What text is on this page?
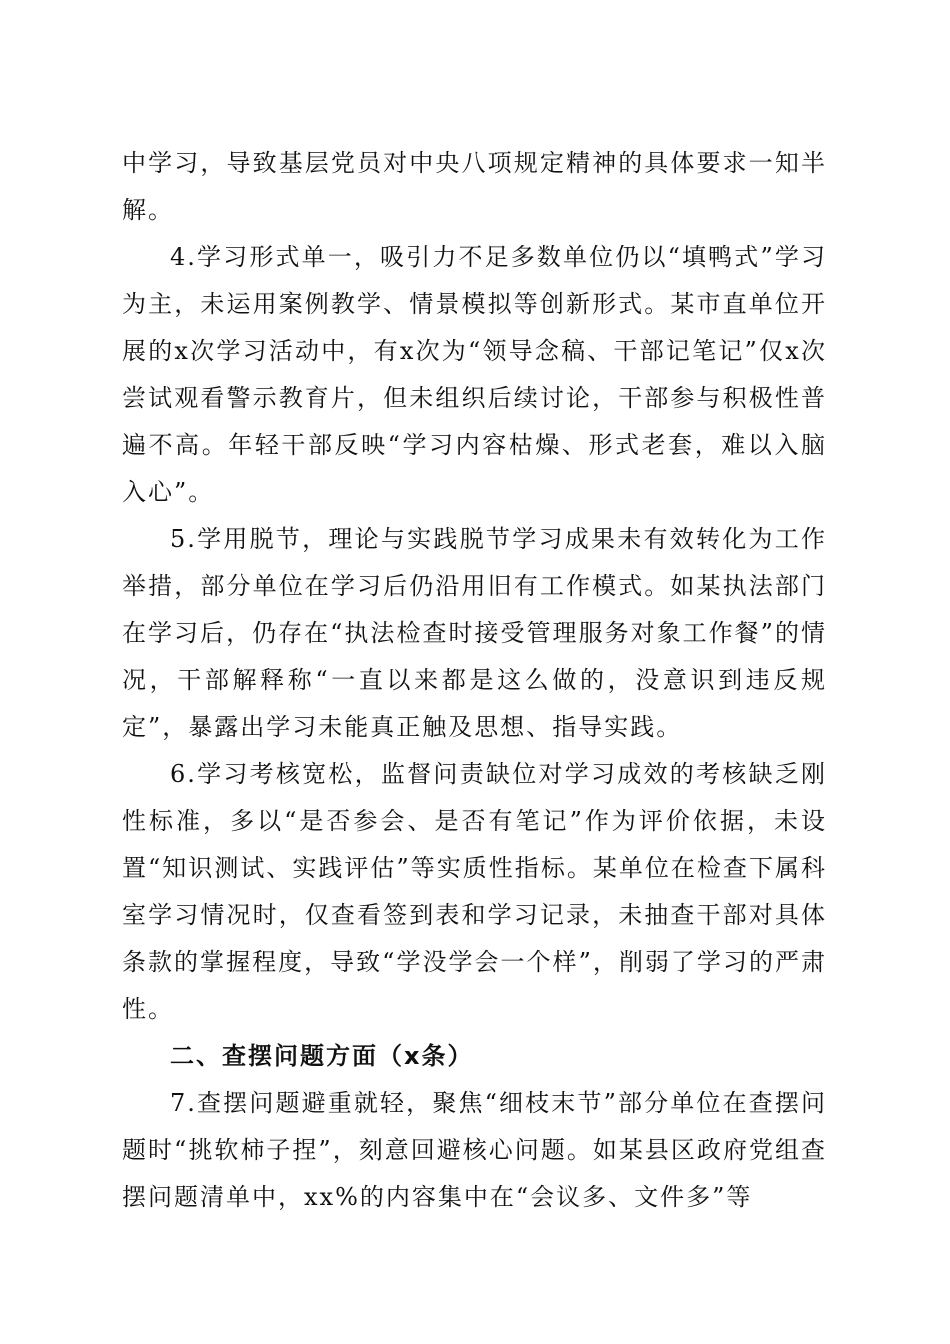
中学习，导致基层党员对中央八项规定精神的具体要求一知半解。

4.学习形式单一，吸引力不足多数单位仍以“填鸭式”学习为主，未运用案例教学、情景模拟等创新形式。某市直单位开展的x次学习活动中，有x次为“领导念稿、干部记笔记”仅x次尝试观看警示教育片，但未组织后续讨论，干部参与积极性普遍不高。年轻干部反映“学习内容枯燥、形式老套，难以入脑入心”。

5.学用脱节，理论与实践脱节学习成果未有效转化为工作举措，部分单位在学习后仍沿用旧有工作模式。如某执法部门在学习后，仍存在“执法检查时接受管理服务对象工作餐”的情况，干部解释称“一直以来都是这么做的，没意识到违反规定”，暴露出学习未能真正触及思想、指导实践。

6.学习考核宽松，监督问责缺位对学习成效的考核缺乏刚性标准，多以“是否参会、是否有笔记”作为评价依据，未设置“知识测试、实践评估”等实质性指标。某单位在检查下属科室学习情况时，仅查看签到表和学习记录，未抽查干部对具体条款的掌握程度，导致“学没学会一个样”，削弱了学习的严肃性。

二、查摆问题方面（x条）

7.查摆问题避重就轻，聚焦“细枝末节”部分单位在查摆问题时“挑软柿子捏”，刻意回避核心问题。如某县区政府党组查摆问题清单中，xx%的内容集中在“会议多、文件多”等
